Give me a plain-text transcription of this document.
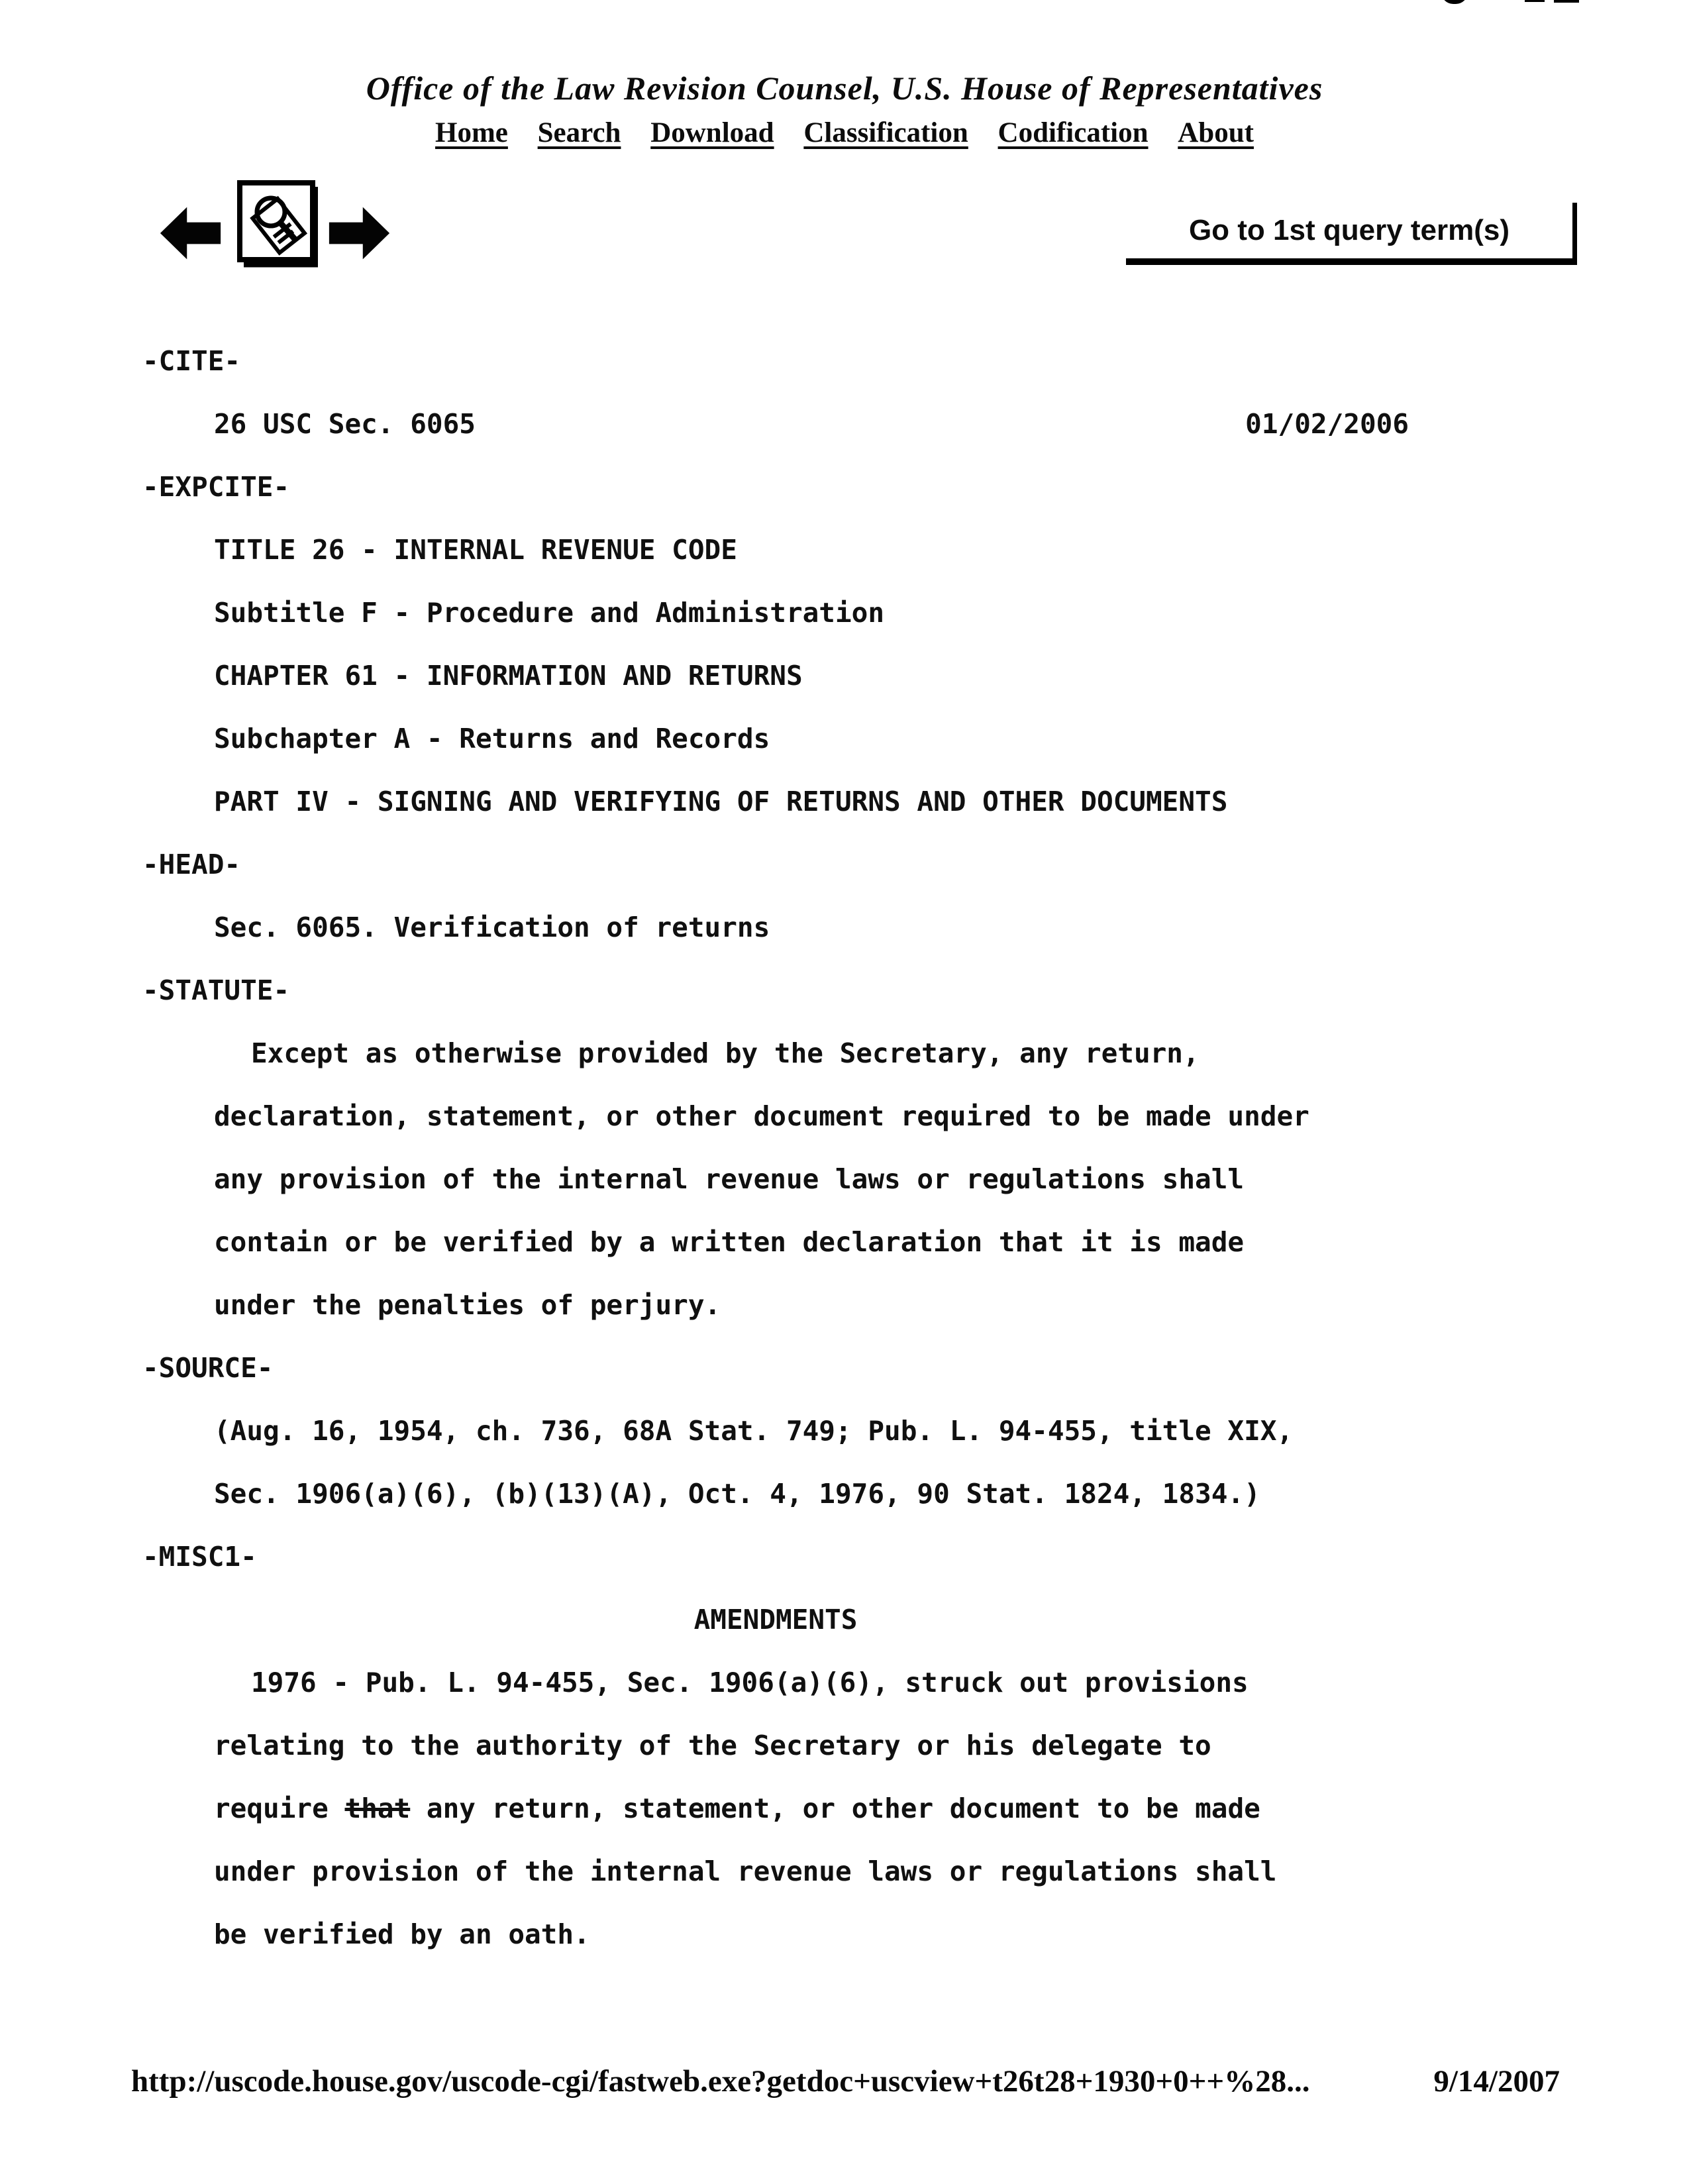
Office of the Law Revision Counsel, U.S. House of Representatives
Home Search Download Classification Codification About
Go to 1st query term(s)
-CITE-
26 USC Sec. 6065	01/02/2006
-EXPCITE-
TITLE 26 - INTERNAL REVENUE CODE
Subtitle F - Procedure and Administration
CHAPTER 61 - INFORMATION AND RETURNS
Subchapter A - Returns and Records
PART IV - SIGNING AND VERIFYING OF RETURNS AND OTHER DOCUMENTS
-HEAD-
Sec. 6065. Verification of returns
-STATUTE-
Except as otherwise provided by the Secretary, any return,
declaration, statement, or other document required to be made under
any provision of the internal revenue laws or regulations shall
contain or be verified by a written declaration that it is made
under the penalties of perjury.
-SOURCE-
(Aug. 16, 1954, ch. 736, 68A Stat. 749; Pub. L. 94-455, title XIX,
Sec. 1906(a)(6), (b)(13)(A), Oct. 4, 1976, 90 Stat. 1824, 1834.)
-MISC1-
AMENDMENTS
1976 - Pub. L. 94-455, Sec. 1906(a)(6), struck out provisions
relating to the authority of the Secretary or his delegate to
require that any return, statement, or other document to be made
under provision of the internal revenue laws or regulations shall
be verified by an oath.
http://uscode.house.gov/uscode-cgi/fastweb.exe?getdoc+uscview+t26t28+1930+0++%28...	9/14/2007
